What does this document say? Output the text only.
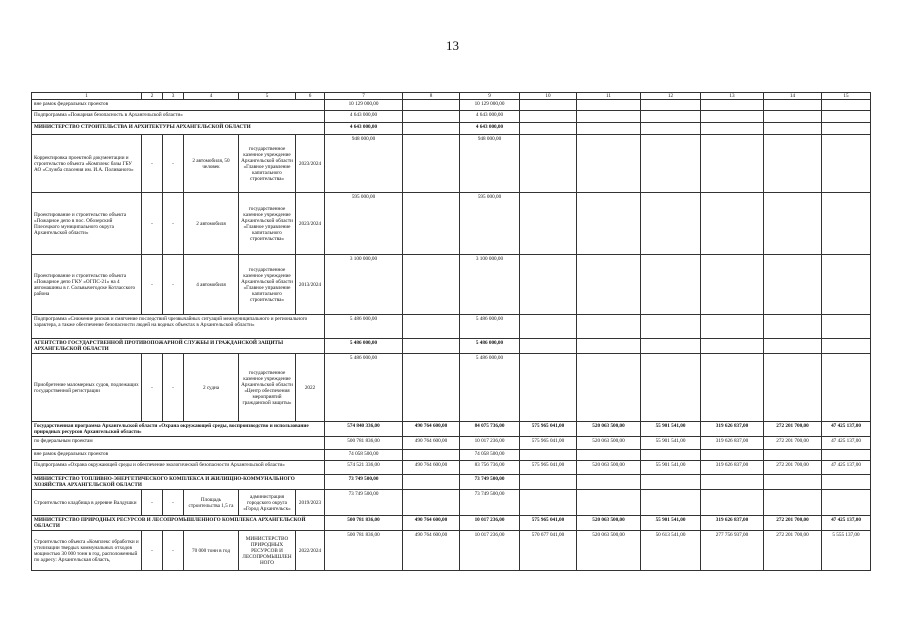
13
1	2	3	4	5	6	7	8	9	10	11	12	13	14	15
вне рамок федеральных проектов						10 129 000,00		10 129 000,00						
Подпрограмма «Пожарная безопасность в Архангельской области»						4 643 000,00		4 643 000,00						
МИНИСТЕРСТВО СТРОИТЕЛЬСТВА И АРХИТЕКТУРЫ АРХАНГЕЛЬСКОЙ ОБЛАСТИ						4 643 000,00		4 643 000,00						
Корректировка проектной документации и строительство объекта «Комплекс базы ГБУ АО «Служба спасения им. И.А. Поливаного»	-	-	2 автомобиля, 50 человек	государственное казенное учреждение Архангельской области «Главное управление капитального строительства»	2023/2024	948 000,00		948 000,00						
Проектирование и строительство объекта «Пожарное депо в пос. Обозерский Плесецкого муниципального округа Архангельской области»	-	-	2 автомобиля	государственное казенное учреждение Архангельской области «Главное управление капитального строительства»	2023/2024	595 000,00		595 000,00						
Проектирование и строительство объекта «Пожарное депо ГКУ «ОГПС-21» на 4 автомашины в г. Сольвычегодске Котласского района	-	-	4 автомобиля	государственное казенное учреждение Архангельской области «Главное управление капитального строительства»	2013/2024	3 100 000,00		3 100 000,00						
Подпрограмма «Снижение рисков и смягчение последствий чрезвычайных ситуаций межмуниципального и регионального характера, а также обеспечение безопасности людей на водных объектах в Архангельской области»						5 486 000,00		5 486 000,00						
АГЕНТСТВО ГОСУДАРСТВЕННОЙ ПРОТИВОПОЖАРНОЙ СЛУЖБЫ И ГРАЖДАНСКОЙ ЗАЩИТЫ АРХАНГЕЛЬСКОЙ ОБЛАСТИ						5 486 000,00		5 486 000,00						
Приобретение маломерных судов, подлежащих государственной регистрации	-	-	2 судна	государственное казенное учреждение Архангельской области «Центр обеспечения мероприятий гражданской защиты»	2022	5 486 000,00		5 486 000,00						
Государственная программа Архангельской области «Охрана окружающей среды, воспроизводство и использование природных ресурсов Архангельской области»						574 840 336,00	490 764 600,00	84 075 736,00	575 965 041,00	520 063 500,00	55 901 541,00	319 626 837,00	272 201 700,00	47 425 137,00
по федеральным проектам						500 781 836,00	490 764 600,00	10 017 236,00	575 965 041,00	520 063 500,00	55 901 541,00	319 626 837,00	272 201 700,00	47 425 137,00
вне рамок федеральных проектов						74 058 500,00		74 058 500,00						
Подпрограмма «Охрана окружающей среды и обеспечение экологической безопасности Архангельской области»						574 521 336,00	490 764 600,00	83 756 736,00	575 965 041,00	520 063 500,00	55 901 541,00	319 626 837,00	272 201 700,00	47 425 137,00
МИНИСТЕРСТВО ТОПЛИВНО-ЭНЕРГЕТИЧЕСКОГО КОМПЛЕКСА И ЖИЛИЩНО-КОММУНАЛЬНОГО ХОЗЯЙСТВА АРХАНГЕЛЬСКОЙ ОБЛАСТИ						73 749 500,00		73 749 500,00						
Строительство кладбища в деревне Валдушки	-	-	Площадь строительства 1,5 га	администрация городского округа «Город Архангельск»	2019/2023	73 749 500,00		73 749 500,00						
МИНИСТЕРСТВО ПРИРОДНЫХ РЕСУРСОВ И ЛЕСОПРОМЫШЛЕННОГО КОМПЛЕКСА АРХАНГЕЛЬСКОЙ ОБЛАСТИ						500 781 836,00	490 764 600,00	10 017 236,00	575 965 041,00	520 063 500,00	55 901 541,00	319 626 837,00	272 201 700,00	47 425 137,00
Строительство объекта «Комплекс обработки и утилизации твердых коммунальных отходов мощностью 30 000 тонн в год, расположенный по адресу: Архангельская область,	-	-	70 000 тонн в год	МИНИСТЕРСТВО ПРИРОДНЫХ РЕСУРСОВ И ЛЕСОПРОМЫШЛЕННОГО	2022/2024	500 781 836,00	490 764 600,00	10 017 236,00	570 677 041,00	520 063 500,00	50 613 541,00	277 756 937,00	272 201 700,00	5 555 137,00
